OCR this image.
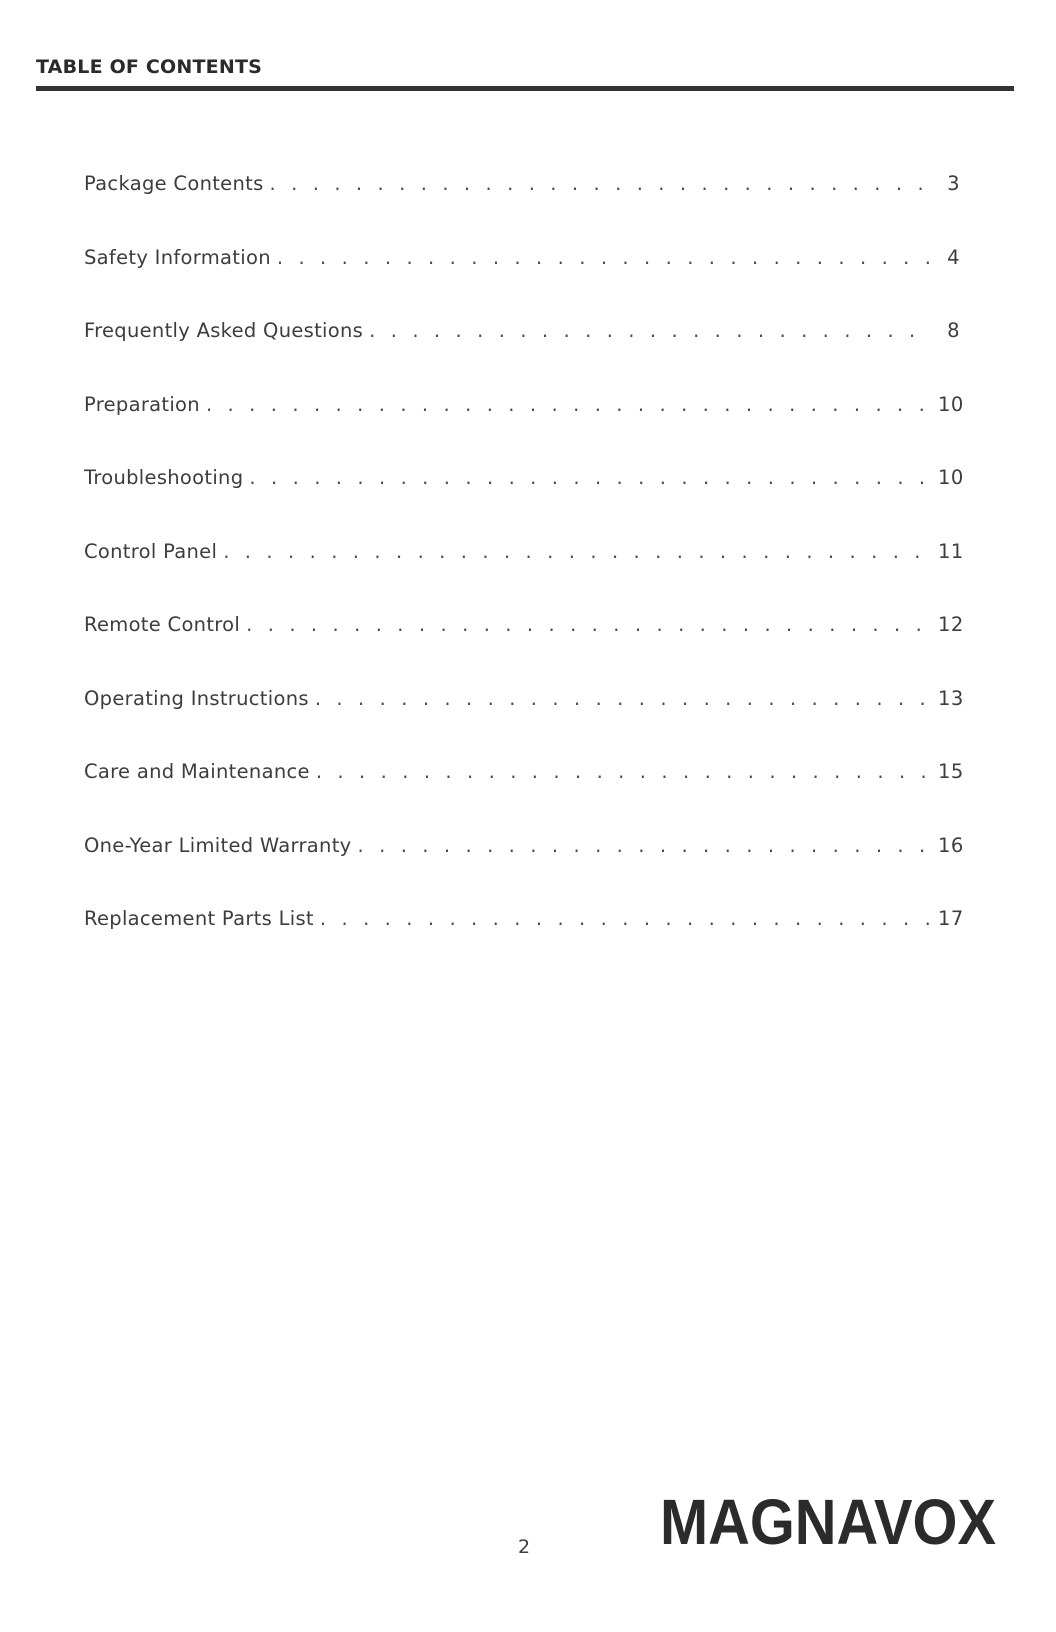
TABLE OF CONTENTS
Package Contents . . .	3
Safety Information . . .	4
Frequently Asked Questions . . .	8
Preparation . . .	10
Troubleshooting . . .	10
Control Panel . . .	11
Remote Control . . .	12
Operating Instructions . . .	13
Care and Maintenance . . .	15
One-Year Limited Warranty . . .	16
Replacement Parts List . . .	17
2 MAGNAVOX
